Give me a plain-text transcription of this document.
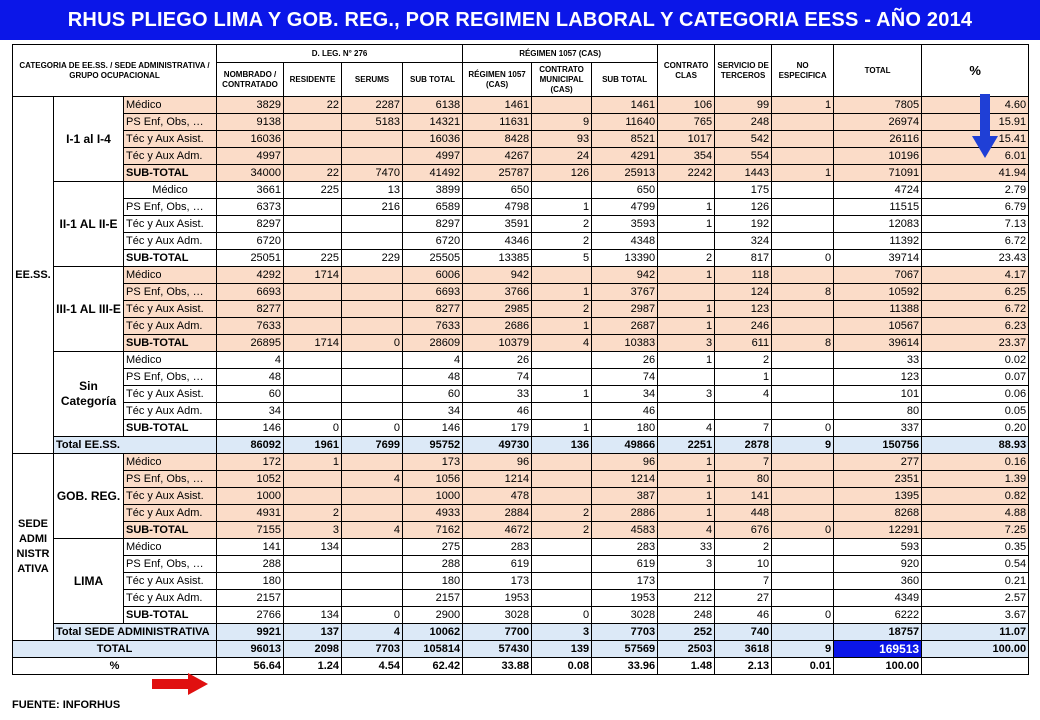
RHUS PLIEGO LIMA Y GOB. REG., POR REGIMEN LABORAL Y CATEGORIA EESS - AÑO 2014
CATEGORIA DE EE.SS. / SEDE ADMINISTRATIVA / GRUPO OCUPACIONAL			D. LEG. N° 276				RÉGIMEN 1057 (CAS)			CONTRATO CLAS	SERVICIO DE TERCEROS	NO ESPECIFICA	TOTAL	%
			NOMBRADO / CONTRATADO	RESIDENTE	SERUMS	SUB TOTAL	RÉGIMEN 1057 (CAS)	CONTRATO MUNICIPAL (CAS)	SUB TOTAL					
EE.SS.	I-1 al I-4	Médico	3829	22	2287	6138	1461		1461	106	99	1	7805	4.60
		PS Enf, Obs, …	9138		5183	14321	11631	9	11640	765	248		26974	15.91
		Téc y Aux Asist.	16036			16036	8428	93	8521	1017	542		26116	15.41
		Téc y Aux Adm.	4997			4997	4267	24	4291	354	554		10196	6.01
		SUB-TOTAL	34000	22	7470	41492	25787	126	25913	2242	1443	1	71091	41.94
	II-1 AL II-E	Médico	3661	225	13	3899	650		650		175		4724	2.79
		PS Enf, Obs, …	6373		216	6589	4798	1	4799	1	126		11515	6.79
		Téc y Aux Asist.	8297			8297	3591	2	3593	1	192		12083	7.13
		Téc y Aux Adm.	6720			6720	4346	2	4348		324		11392	6.72
		SUB-TOTAL	25051	225	229	25505	13385	5	13390	2	817	0	39714	23.43
	III-1 AL III-E	Médico	4292	1714		6006	942		942	1	118		7067	4.17
		PS Enf, Obs, …	6693			6693	3766	1	3767		124	8	10592	6.25
		Téc y Aux Asist.	8277			8277	2985	2	2987	1	123		11388	6.72
		Téc y Aux Adm.	7633			7633	2686	1	2687	1	246		10567	6.23
		SUB-TOTAL	26895	1714	0	28609	10379	4	10383	3	611	8	39614	23.37
	Sin Categoría	Médico	4			4	26		26	1	2		33	0.02
		PS Enf, Obs, …	48			48	74		74		1		123	0.07
		Téc y Aux Asist.	60			60	33	1	34	3	4		101	0.06
		Téc y Aux Adm.	34			34	46		46				80	0.05
		SUB-TOTAL	146	0	0	146	179	1	180	4	7	0	337	0.20
	Total EE.SS.		86092	1961	7699	95752	49730	136	49866	2251	2878	9	150756	88.93
SEDE ADMI NISTR ATIVA	GOB. REG.	Médico	172	1		173	96		96	1	7		277	0.16
		PS Enf, Obs, …	1052		4	1056	1214		1214	1	80		2351	1.39
		Téc y Aux Asist.	1000			1000	478		387	1	141		1395	0.82
		Téc y Aux Adm.	4931	2		4933	2884	2	2886	1	448		8268	4.88
		SUB-TOTAL	7155	3	4	7162	4672	2	4583	4	676	0	12291	7.25
	LIMA	Médico	141	134		275	283		283	33	2		593	0.35
		PS Enf, Obs, …	288			288	619		619	3	10		920	0.54
		Téc y Aux Asist.	180			180	173		173		7		360	0.21
		Téc y Aux Adm.	2157			2157	1953		1953	212	27		4349	2.57
		SUB-TOTAL	2766	134	0	2900	3028	0	3028	248	46	0	6222	3.67
	Total SEDE ADMINISTRATIVA		9921	137	4	10062	7700	3	7703	252	740		18757	11.07
TOTAL			96013	2098	7703	105814	57430	139	57569	2503	3618	9	169513	100.00
%			56.64	1.24	4.54	62.42	33.88	0.08	33.96	1.48	2.13	0.01	100.00	
FUENTE: INFORHUS
